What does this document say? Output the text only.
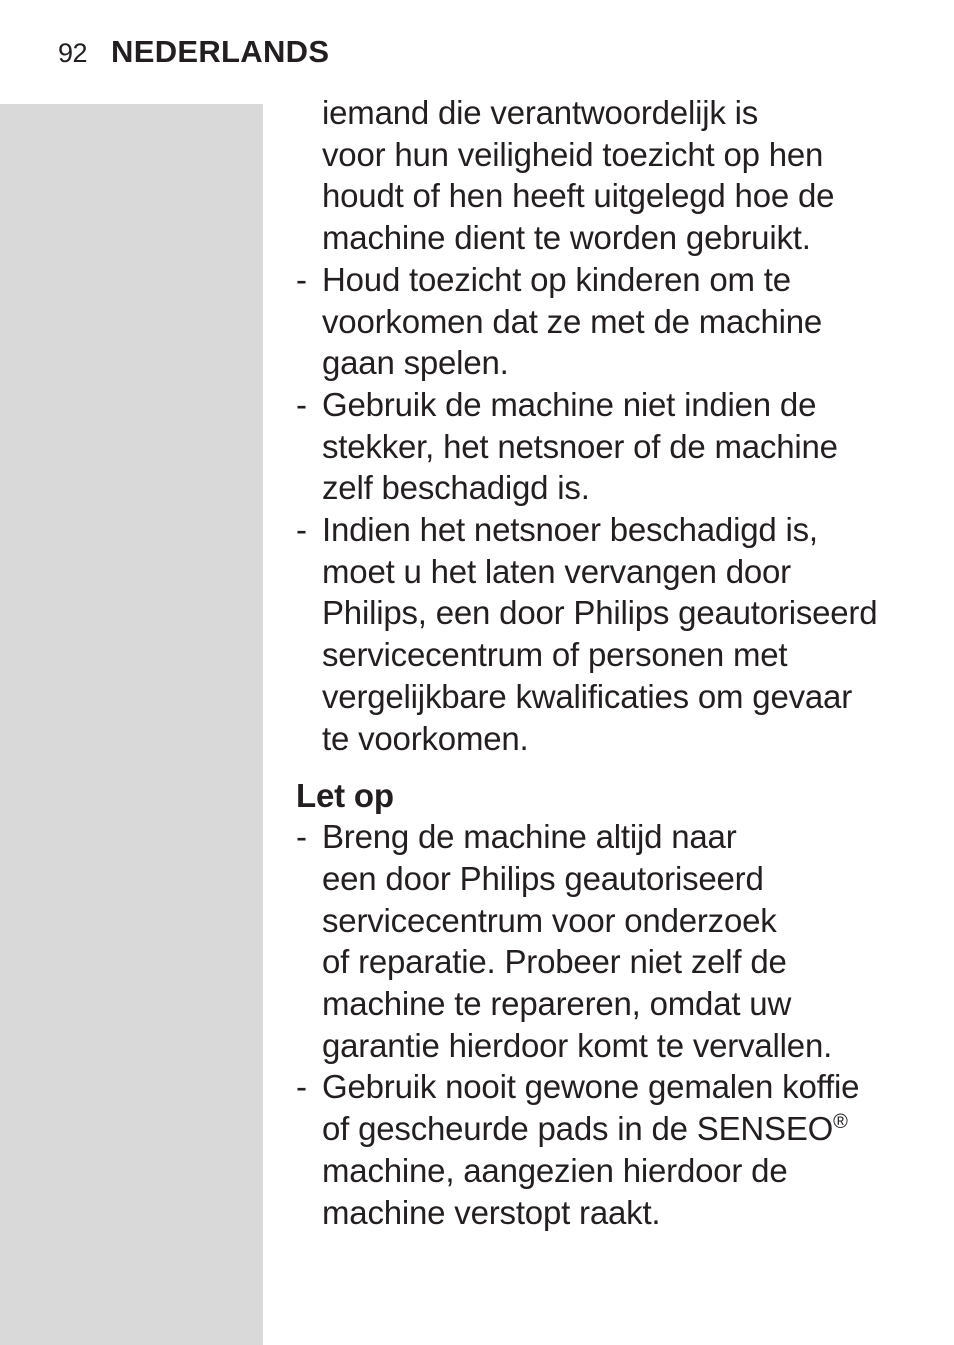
92 NEDERLANDS
iemand die verantwoordelijk is
voor hun veiligheid toezicht op hen
houdt of hen heeft uitgelegd hoe de
machine dient te worden gebruikt.
- Houd toezicht op kinderen om te
voorkomen dat ze met de machine
gaan spelen.
- Gebruik de machine niet indien de
stekker, het netsnoer of de machine
zelf beschadigd is.
- Indien het netsnoer beschadigd is,
moet u het laten vervangen door
Philips, een door Philips geautoriseerd
servicecentrum of personen met
vergelijkbare kwalificaties om gevaar
te voorkomen.
Let op
- Breng de machine altijd naar
een door Philips geautoriseerd
servicecentrum voor onderzoek
of reparatie. Probeer niet zelf de
machine te repareren, omdat uw
garantie hierdoor komt te vervallen.
- Gebruik nooit gewone gemalen koffie
of gescheurde pads in de SENSEO®
machine, aangezien hierdoor de
machine verstopt raakt.
